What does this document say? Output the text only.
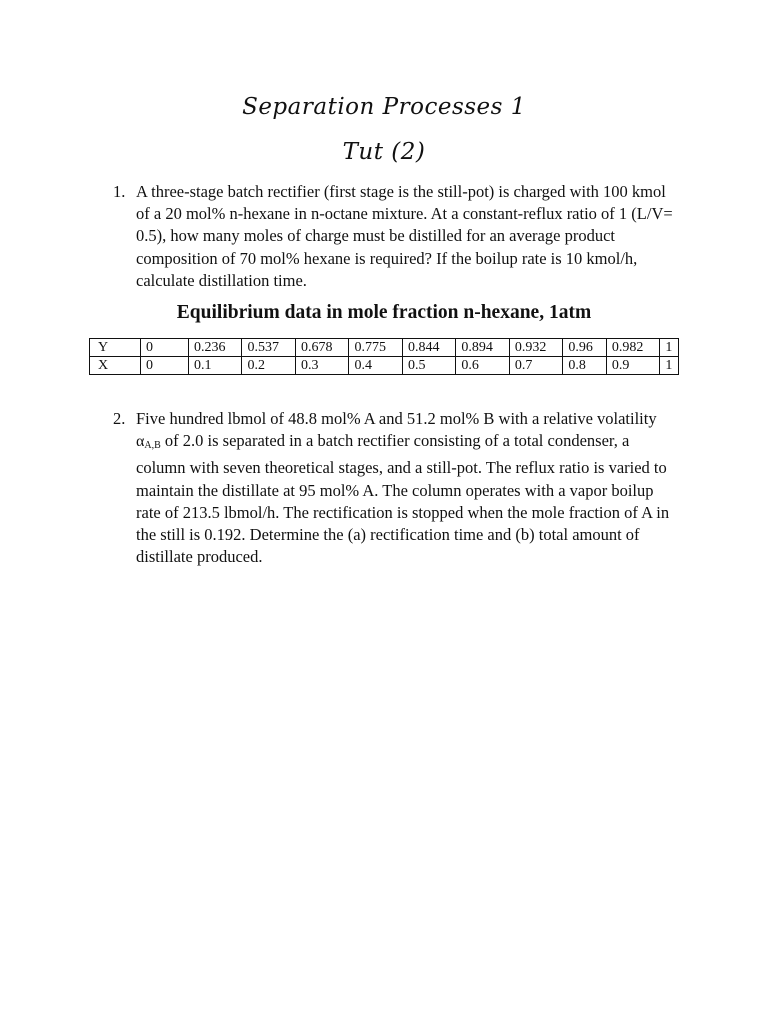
Separation Processes 1
Tut (2)
1. A three-stage batch rectifier (first stage is the still-pot) is charged with 100 kmol of a 20 mol% n-hexane in n-octane mixture. At a constant-reflux ratio of 1 (L/V= 0.5), how many moles of charge must be distilled for an average product composition of 70 mol% hexane is required? If the boilup rate is 10 kmol/h, calculate distillation time.
Equilibrium data in mole fraction n-hexane, 1atm
Y	0	0.236	0.537	0.678	0.775	0.844	0.894	0.932	0.96	0.982	1
X	0	0.1	0.2	0.3	0.4	0.5	0.6	0.7	0.8	0.9	1
2. Five hundred lbmol of 48.8 mol% A and 51.2 mol% B with a relative volatility $\alpha_{A,B}$ of 2.0 is separated in a batch rectifier consisting of a total condenser, a column with seven theoretical stages, and a still-pot. The reflux ratio is varied to maintain the distillate at 95 mol% A. The column operates with a vapor boilup rate of 213.5 lbmol/h. The rectification is stopped when the mole fraction of A in the still is 0.192. Determine the (a) rectification time and (b) total amount of distillate produced.
